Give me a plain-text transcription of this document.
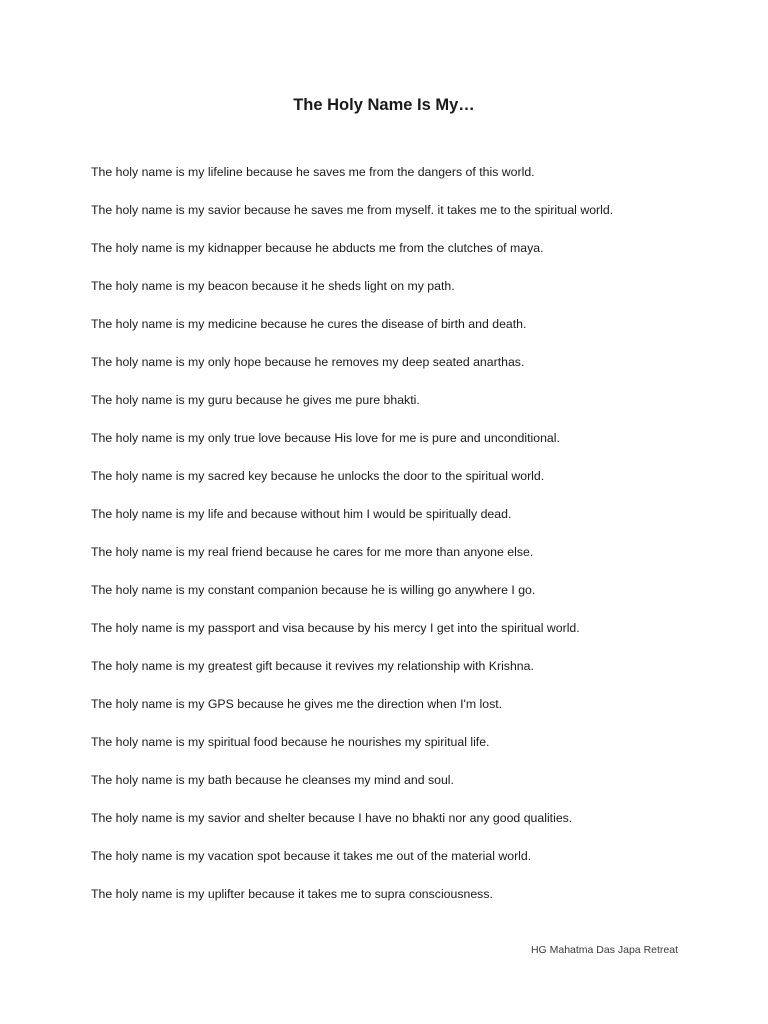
The Holy Name Is My…
The holy name is my lifeline because he saves me from the dangers of this world.
The holy name is my savior because he saves me from myself. it takes me to the spiritual world.
The holy name is my kidnapper because he abducts me from the clutches of maya.
The holy name is my beacon because it he sheds light on my path.
The holy name is my medicine because he cures the disease of birth and death.
The holy name is my only hope because he removes my deep seated anarthas.
The holy name is my guru because he gives me pure bhakti.
The holy name is my only true love because His love for me is pure and unconditional.
The holy name is my sacred key because he unlocks the door to the spiritual world.
The holy name is my life and because without him I would be spiritually dead.
The holy name is my real friend because he cares for me more than anyone else.
The holy name is my constant companion because he is willing go anywhere I go.
The holy name is my passport and visa because by his mercy I get into the spiritual world.
The holy name is my greatest gift because it revives my relationship with Krishna.
The holy name is my GPS because he gives me the direction when I'm lost.
The holy name is my spiritual food because he nourishes my spiritual life.
The holy name is my bath because he cleanses my mind and soul.
The holy name is my savior and shelter because I have no bhakti nor any good qualities.
The holy name is my vacation spot because it takes me out of the material world.
The holy name is my uplifter because it takes me to supra consciousness.
HG Mahatma Das Japa Retreat
